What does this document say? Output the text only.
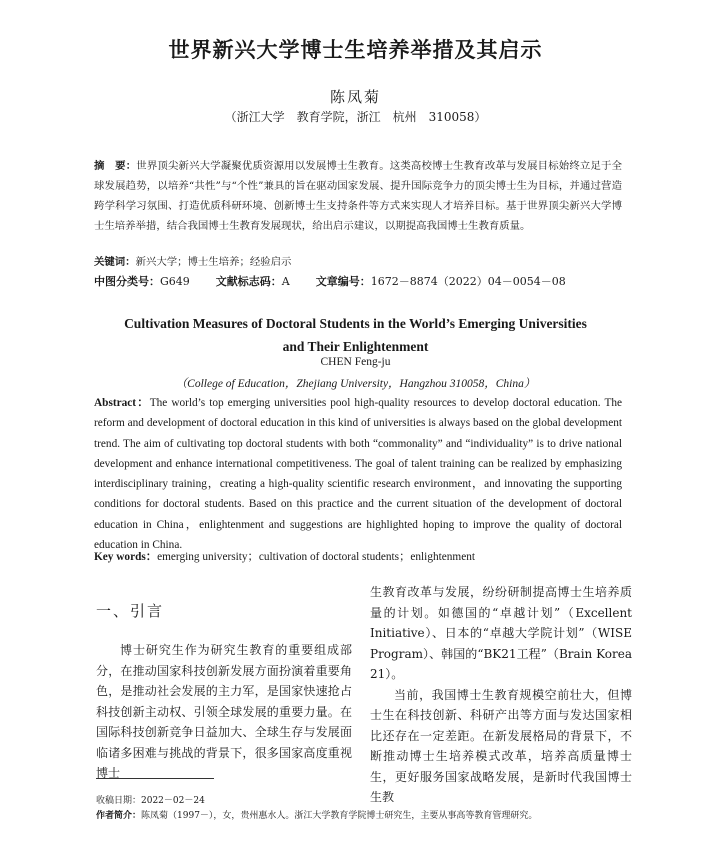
世界新兴大学博士生培养举措及其启示
陈凤菊
（浙江大学　教育学院，浙江　杭州　310058）
摘　要：世界顶尖新兴大学凝聚优质资源用以发展博士生教育。这类高校博士生教育改革与发展目标始终立足于全球发展趋势，以培养“共性”与“个性”兼具的旨在驱动国家发展、提升国际竞争力的顶尖博士生为目标，并通过营造跨学科学习氛围、打造优质科研环境、创新博士生支持条件等方式来实现人才培养目标。基于世界顶尖新兴大学博士生培养举措，结合我国博士生教育发展现状，给出启示建议，以期提高我国博士生教育质量。
关键词：新兴大学；博士生培养；经验启示
中图分类号：G649 文献标志码：A 文章编号：1672－8874（2022）04－0054－08
Cultivation Measures of Doctoral Students in the World’s Emerging Universities
and Their Enlightenment
CHEN Feng-ju
（College of Education，Zhejiang University，Hangzhou 310058，China）
Abstract：The world’s top emerging universities pool high-quality resources to develop doctoral education. The reform and development of doctoral education in this kind of universities is always based on the global development trend. The aim of cultivating top doctoral students with both “commonality” and “individuality” is to drive national development and enhance international competitiveness. The goal of talent training can be realized by emphasizing interdisciplinary training，creating a high-quality scientific research environment，and innovating the supporting conditions for doctoral students. Based on this practice and the current situation of the development of doctoral education in China，enlightenment and suggestions are highlighted hoping to improve the quality of doctoral education in China.
Key words：emerging university；cultivation of doctoral students；enlightenment
一、引言

博士研究生作为研究生教育的重要组成部分，在推动国家科技创新发展方面扮演着重要角色，是推动社会发展的主力军，是国家快速抢占科技创新主动权、引领全球发展的重要力量。在国际科技创新竞争日益加大、全球生存与发展面临诸多困难与挑战的背景下，很多国家高度重视博士

生教育改革与发展，纷纷研制提高博士生培养质量的计划。如德国的“卓越计划”（Excellent Initiative）、日本的“卓越大学院计划”（WISE Program）、韩国的“BK21工程”（Brain Korea 21）。

当前，我国博士生教育规模空前壮大，但博士生在科技创新、科研产出等方面与发达国家相比还存在一定差距。在新发展格局的背景下，不断推动博士生培养模式改革，培养高质量博士生，更好服务国家战略发展，是新时代我国博士生教

收稿日期：2022－02－24
作者简介：陈凤菊（1997－），女，贵州惠水人。浙江大学教育学院博士研究生，主要从事高等教育管理研究。
